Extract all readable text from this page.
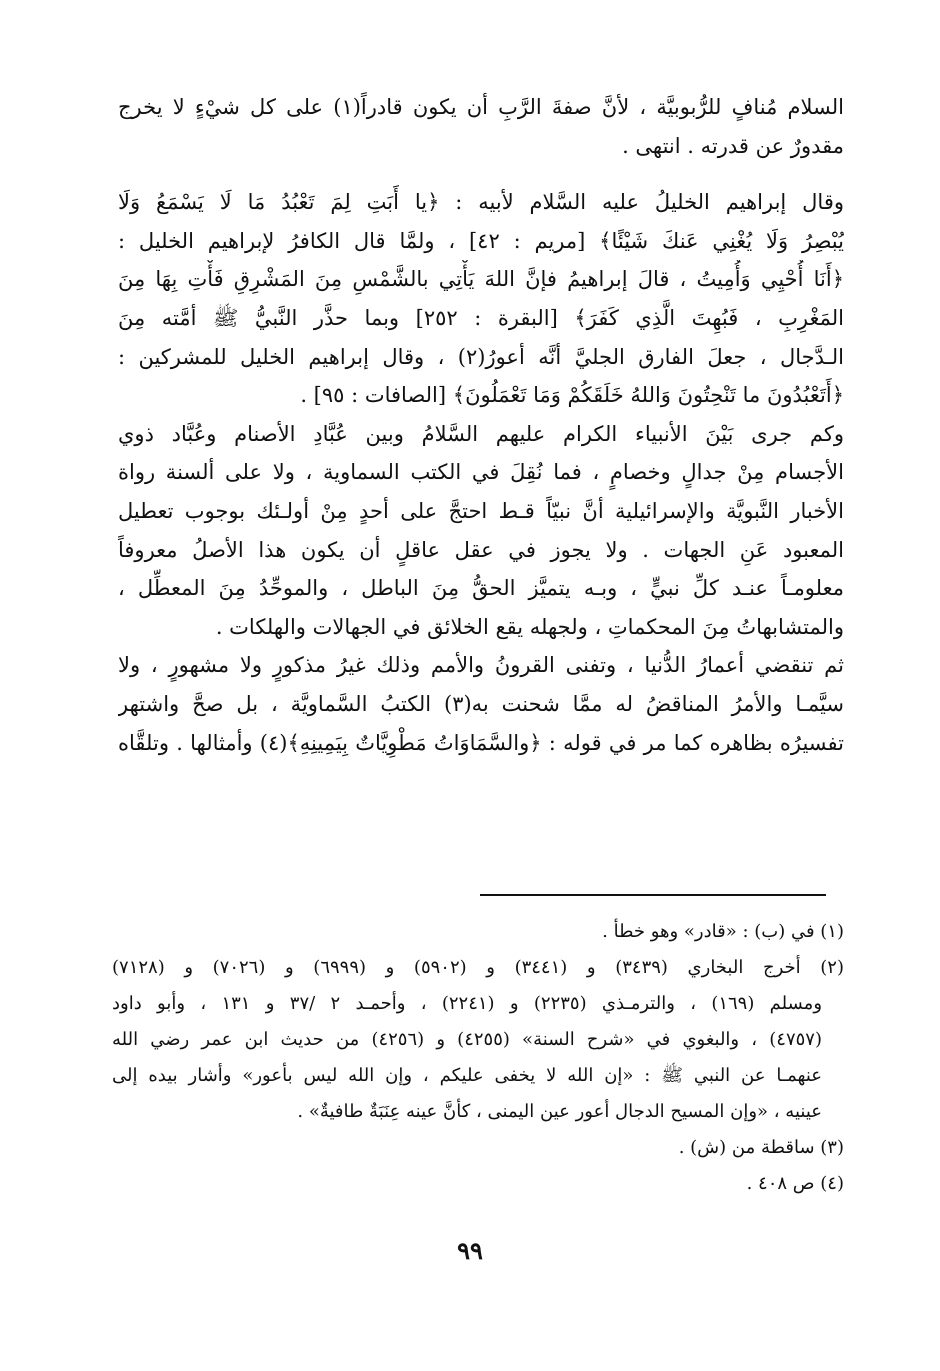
السلام مُنافٍ للرُّبوبيَّة ، لأنَّ صفةَ الرَّبِ أن يكون قادراً(١) على كل شيْءٍ لا يخرج
مقدورٌ عن قدرته . انتهى .
وقال إبراهيم الخليلُ عليه السَّلام لأبيه : ﴿يا أَبَتِ لِمَ تَعْبُدُ مَا لَا يَسْمَعُ وَلَا
يُبْصِرُ وَلَا يُغْنِي عَنكَ شَيْئًا﴾ [مريم : ٤٢] ، ولمَّا قال الكافرُ لإبراهيم الخليل :
﴿أَنَا أُحْيِي وَأُمِيتُ ، قالَ إبراهيمُ فإنَّ اللهَ يَأْتِي بالشَّمْسِ مِنَ المَشْرِقِ فَأْتِ بِهَا مِنَ
المَغْرِبِ ، فَبُهِتَ الَّذِي كَفَرَ﴾ [البقرة : ٢٥٢] وبما حذَّر النَّبيُّ ﷺ أمَّته مِنَ
الـدَّجال ، جعلَ الفارق الجليَّ أنَّه أعورُ(٢) ، وقال إبراهيم الخليل للمشركين :
﴿أَتَعْبُدُونَ ما تَنْحِتُونَ وَاللهُ خَلَقَكُمْ وَمَا تَعْمَلُونَ﴾ [الصافات : ٩٥] .
وكم جرى بَيْنَ الأنبياء الكرام عليهم السَّلامُ وبين عُبَّادِ الأصنام وعُبَّاد ذوي
الأجسام مِنْ جدالٍ وخصامٍ ، فما نُقِلَ في الكتب السماوية ، ولا على ألسنة رواة
الأخبار النَّبويَّة والإسرائيلية أنَّ نبيّاً قـط احتجَّ على أحدٍ مِنْ أولـئك بوجوب تعطيل
المعبود عَنِ الجهات . ولا يجوز في عقل عاقلٍ أن يكون هذا الأصلُ معروفاً
معلومـاً عنـد كلِّ نبيٍّ ، وبـه يتميَّز الحقُّ مِنَ الباطل ، والموحِّدُ مِنَ المعطِّل ،
والمتشابهاتُ مِنَ المحكماتِ ، ولجهله يقع الخلائق في الجهالات والهلكات .
ثم تنقضي أعمارُ الدُّنيا ، وتفنى القرونُ والأمم وذلك غيرُ مذكورٍ ولا مشهورٍ ، ولا
سيَّمـا والأمرُ المناقضُ له ممَّا شحنت به(٣) الكتبُ السَّماويَّة ، بل صحَّ واشتهر
تفسيرُه بظاهره كما مر في قوله : ﴿والسَّمَاوَاتُ مَطْوِيَّاتٌ بِيَمِينِهِ﴾(٤) وأمثالها . وتلقَّاه
(١) في (ب) : «قادر» وهو خطأ .
(٢) أخرج البخاري (٣٤٣٩) و (٣٤٤١) و (٥٩٠٢) و (٦٩٩٩) و (٧٠٢٦) و (٧١٢٨)
ومسلم (١٦٩) ، والترمـذي (٢٢٣٥) و (٢٢٤١) ، وأحمـد ٢ /٣٧ و ١٣١ ، وأبو داود
(٤٧٥٧) ، والبغوي في «شرح السنة» (٤٢٥٥) و (٤٢٥٦) من حديث ابن عمر رضي الله
عنهمـا عن النبي ﷺ : «إن الله لا يخفى عليكم ، وإن الله ليس بأعور» وأشار بيده إلى
عينيه ، «وإن المسيح الدجال أعور عين اليمنى ، كأنَّ عينه عِنَبَةٌ طافيةٌ» .
(٣) ساقطة من (ش) .
(٤) ص ٤٠٨ .
٩٩
